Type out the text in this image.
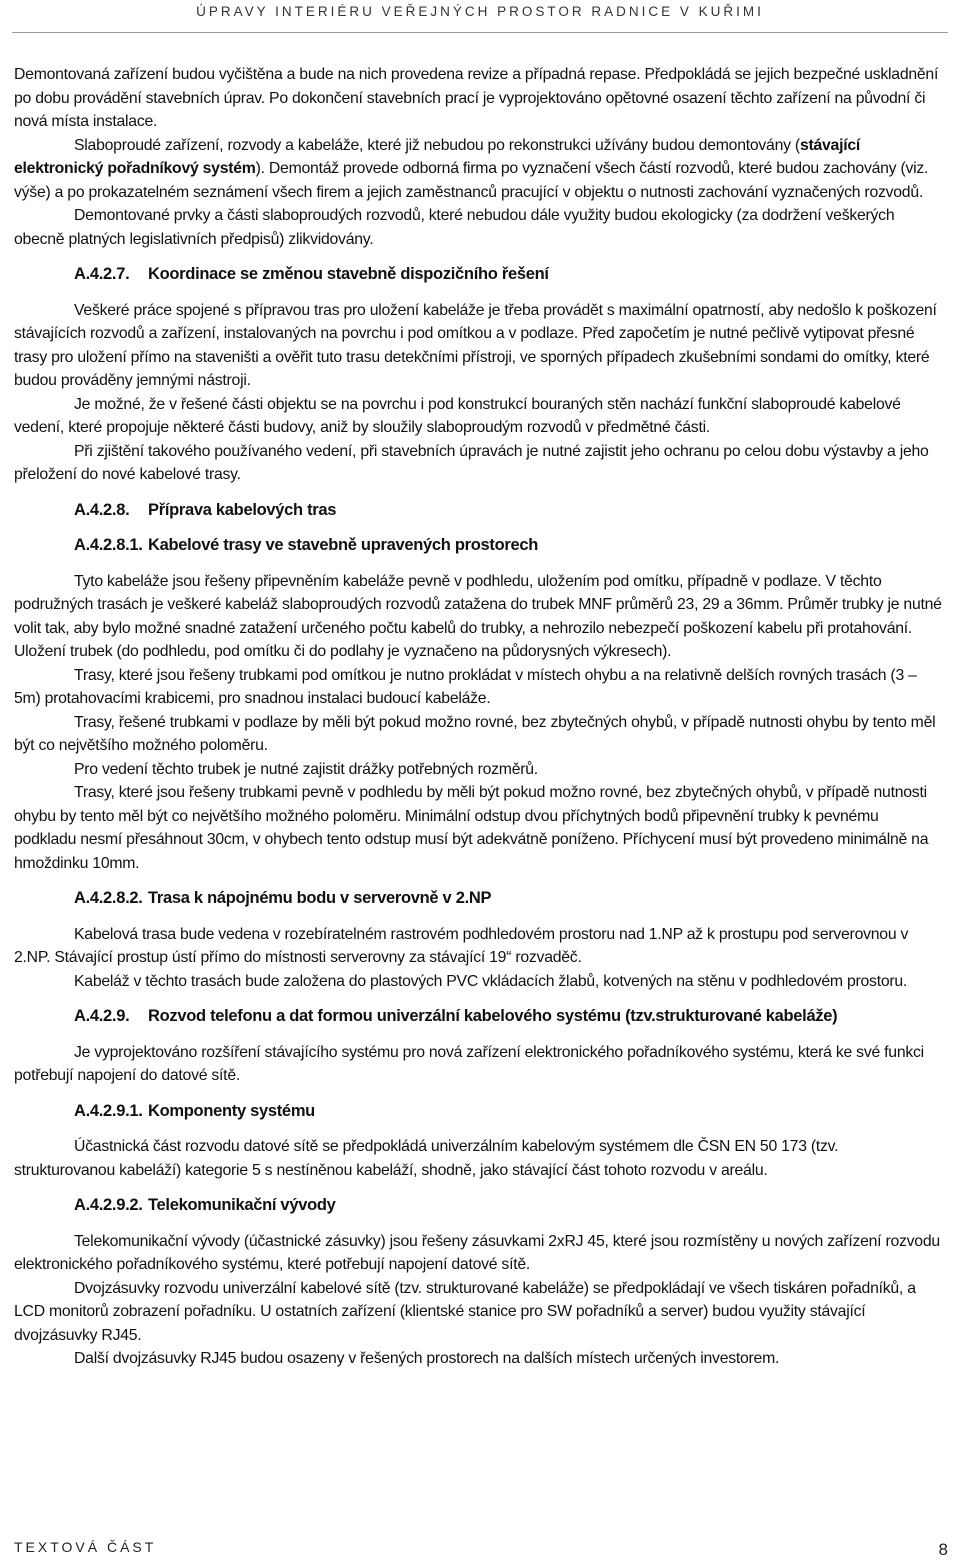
ÚPRAVY INTERIÉRU VEŘEJNÝCH PROSTOR RADNICE V KUŘIMI

Demontovaná zařízení budou vyčištěna a bude na nich provedena revize a případná repase. Předpokládá se jejich bezpečné uskladnění po dobu provádění stavebních úprav. Po dokončení stavebních prací je vyprojektováno opětovné osazení těchto zařízení na původní či nová místa instalace.

Slaboproudé zařízení, rozvody a kabeláže, které již nebudou po rekonstrukci užívány budou demontovány (stávající elektronický pořadníkový systém). Demontáž provede odborná firma po vyznačení všech částí rozvodů, které budou zachovány (viz. výše) a po prokazatelném seznámení všech firem a jejich zaměstnanců pracující v objektu o nutnosti zachování vyznačených rozvodů.

Demontované prvky a části slaboproudých rozvodů, které nebudou dále využity budou ekologicky (za dodržení veškerých obecně platných legislativních předpisů) zlikvidovány.

A.4.2.7. Koordinace se změnou stavebně dispozičního řešení

Veškeré práce spojené s přípravou tras pro uložení kabeláže je třeba provádět s maximální opatrností, aby nedošlo k poškození stávajících rozvodů a zařízení, instalovaných na povrchu i pod omítkou a v podlaze. Před započetím je nutné pečlivě vytipovat přesné trasy pro uložení přímo na staveništi a ověřit tuto trasu detekčními přístroji, ve sporných případech zkušebními sondami do omítky, které budou prováděny jemnými nástroji.

Je možné, že v řešené části objektu se na povrchu i pod konstrukcí bouraných stěn nachází funkční slaboproudé kabelové vedení, které propojuje některé části budovy, aniž by sloužily slaboproudým rozvodů v předmětné části.

Při zjištění takového používaného vedení, při stavebních úpravách je nutné zajistit jeho ochranu po celou dobu výstavby a jeho přeložení do nové kabelové trasy.

A.4.2.8. Příprava kabelových tras

A.4.2.8.1. Kabelové trasy ve stavebně upravených prostorech

Tyto kabeláže jsou řešeny připevněním kabeláže pevně v podhledu, uložením pod omítku, případně v podlaze. V těchto podružných trasách je veškeré kabeláž slaboproudých rozvodů zatažena do trubek MNF průměrů 23, 29 a 36mm. Průměr trubky je nutné volit tak, aby bylo možné snadné zatažení určeného počtu kabelů do trubky, a nehrozilo nebezpečí poškození kabelu při protahování. Uložení trubek (do podhledu, pod omítku či do podlahy je vyznačeno na půdorysných výkresech).

Trasy, které jsou řešeny trubkami pod omítkou je nutno prokládat v místech ohybu a na relativně delších rovných trasách (3 – 5m) protahovacími krabicemi, pro snadnou instalaci budoucí kabeláže.

Trasy, řešené trubkami v podlaze by měli být pokud možno rovné, bez zbytečných ohybů, v případě nutnosti ohybu by tento měl být co největšího možného poloměru.

Pro vedení těchto trubek je nutné zajistit drážky potřebných rozměrů.

Trasy, které jsou řešeny trubkami pevně v podhledu by měli být pokud možno rovné, bez zbytečných ohybů, v případě nutnosti ohybu by tento měl být co největšího možného poloměru. Minimální odstup dvou příchytných bodů připevnění trubky k pevnému podkladu nesmí přesáhnout 30cm, v ohybech tento odstup musí být adekvátně poníženo. Příchycení musí být provedeno minimálně na hmoždinku 10mm.

A.4.2.8.2. Trasa k nápojnému bodu v serverovně v 2.NP

Kabelová trasa bude vedena v rozebíratelném rastrovém podhledovém prostoru nad 1.NP až k prostupu pod serverovnou v 2.NP. Stávající prostup ústí přímo do místnosti serverovny za stávající 19“ rozvaděč.

Kabeláž v těchto trasách bude založena do plastových PVC vkládacích žlabů, kotvených na stěnu v podhledovém prostoru.

A.4.2.9. Rozvod telefonu a dat formou univerzální kabelového systému (tzv.strukturované kabeláže)

Je vyprojektováno rozšíření stávajícího systému pro nová zařízení elektronického pořadníkového systému, která ke své funkci potřebují napojení do datové sítě.

A.4.2.9.1. Komponenty systému

Účastnická část rozvodu datové sítě se předpokládá univerzálním kabelovým systémem dle ČSN EN 50 173 (tzv. strukturovanou kabeláží) kategorie 5 s nestíněnou kabeláží, shodně, jako stávající část tohoto rozvodu v areálu.

A.4.2.9.2. Telekomunikační vývody

Telekomunikační vývody (účastnické zásuvky) jsou řešeny zásuvkami 2xRJ 45, které jsou rozmístěny u nových zařízení rozvodu elektronického pořadníkového systému, které potřebují napojení datové sítě.

Dvojzásuvky rozvodu univerzální kabelové sítě (tzv. strukturované kabeláže) se předpokládají ve všech tiskáren pořadníků, a LCD monitorů zobrazení pořadníku. U ostatních zařízení (klientské stanice pro SW pořadníků a server) budou využity stávající dvojzásuvky RJ45.

Další dvojzásuvky RJ45 budou osazeny v řešených prostorech na dalších místech určených investorem.

TEXTOVÁ ČÁST	8
